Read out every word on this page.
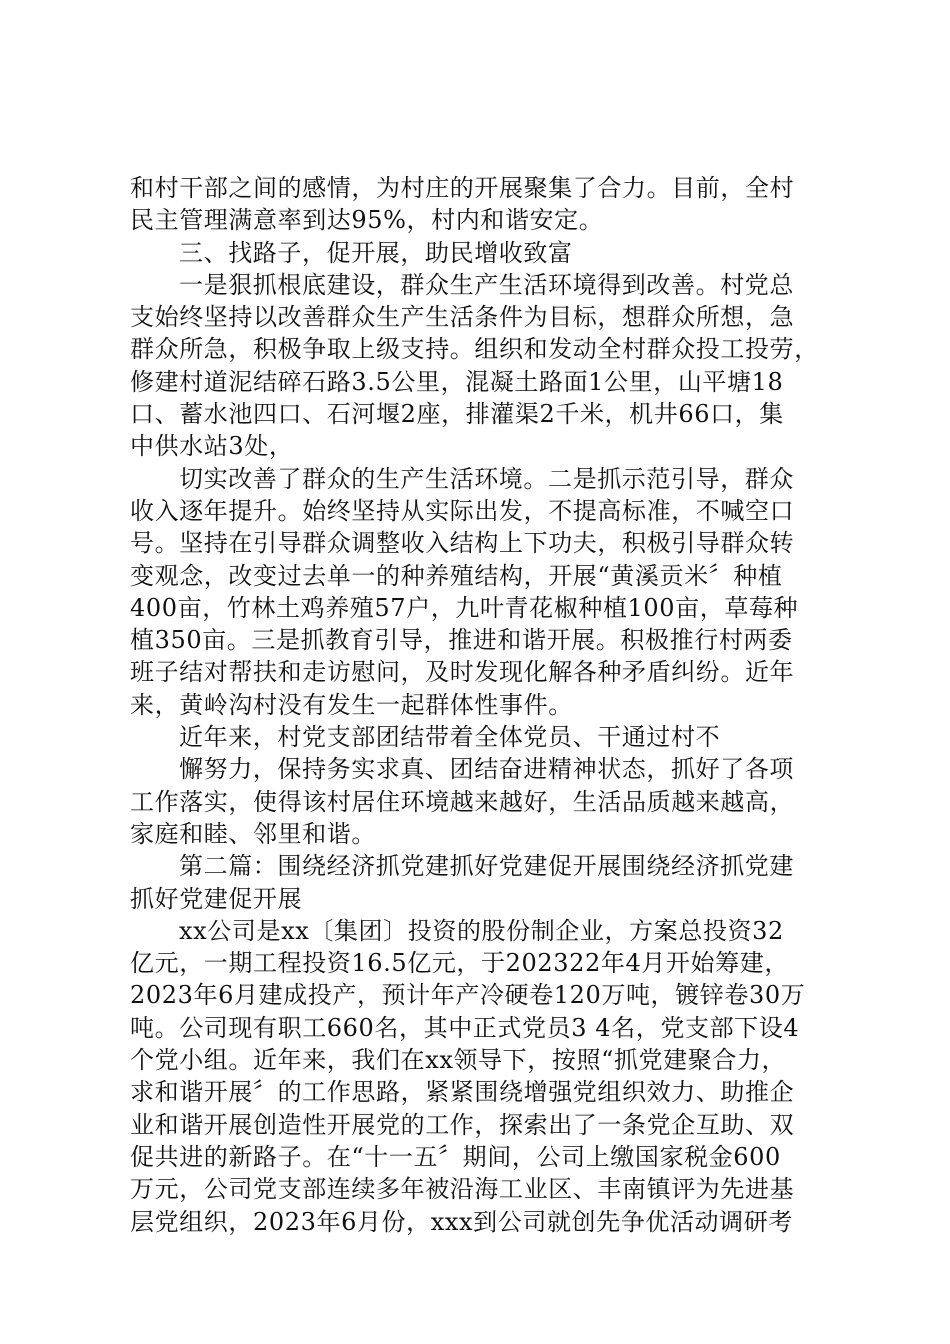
和村干部之间的感情，为村庄的开展聚集了合力。目前，全村
民主管理满意率到达95%，村内和谐安定。
三、找路子，促开展，助民增收致富
一是狠抓根底建设，群众生产生活环境得到改善。村党总
支始终坚持以改善群众生产生活条件为目标，想群众所想，急
群众所急，积极争取上级支持。组织和发动全村群众投工投劳，
修建村道泥结碎石路3.5公里，混凝土路面1公里，山平塘18
口、蓄水池四口、石河堰2座，排灌渠2千米，机井66口，集
中供水站3处，
切实改善了群众的生产生活环境。二是抓示范引导，群众
收入逐年提升。始终坚持从实际出发，不提高标准，不喊空口
号。坚持在引导群众调整收入结构上下功夫，积极引导群众转
变观念，改变过去单一的种养殖结构，开展“黄溪贡米〞种植
400亩，竹林土鸡养殖57户，九叶青花椒种植100亩，草莓种
植350亩。三是抓教育引导，推进和谐开展。积极推行村两委
班子结对帮扶和走访慰问，及时发现化解各种矛盾纠纷。近年
来，黄岭沟村没有发生一起群体性事件。
近年来，村党支部团结带着全体党员、干通过村不
懈努力，保持务实求真、团结奋进精神状态，抓好了各项
工作落实，使得该村居住环境越来越好，生活品质越来越高，
家庭和睦、邻里和谐。
第二篇：围绕经济抓党建抓好党建促开展围绕经济抓党建
抓好党建促开展
xx公司是xx〔集团〕投资的股份制企业，方案总投资32
亿元，一期工程投资16.5亿元，于202322年4月开始筹建，
2023年6月建成投产，预计年产冷硬卷120万吨，镀锌卷30万
吨。公司现有职工660名，其中正式党员3 4名，党支部下设4
个党小组。近年来，我们在xx领导下，按照“抓党建聚合力，
求和谐开展〞的工作思路，紧紧围绕增强党组织效力、助推企
业和谐开展创造性开展党的工作，探索出了一条党企互助、双
促共进的新路子。在“十一五〞期间，公司上缴国家税金600
万元，公司党支部连续多年被沿海工业区、丰南镇评为先进基
层党组织，2023年6月份，xxx到公司就创先争优活动调研考
